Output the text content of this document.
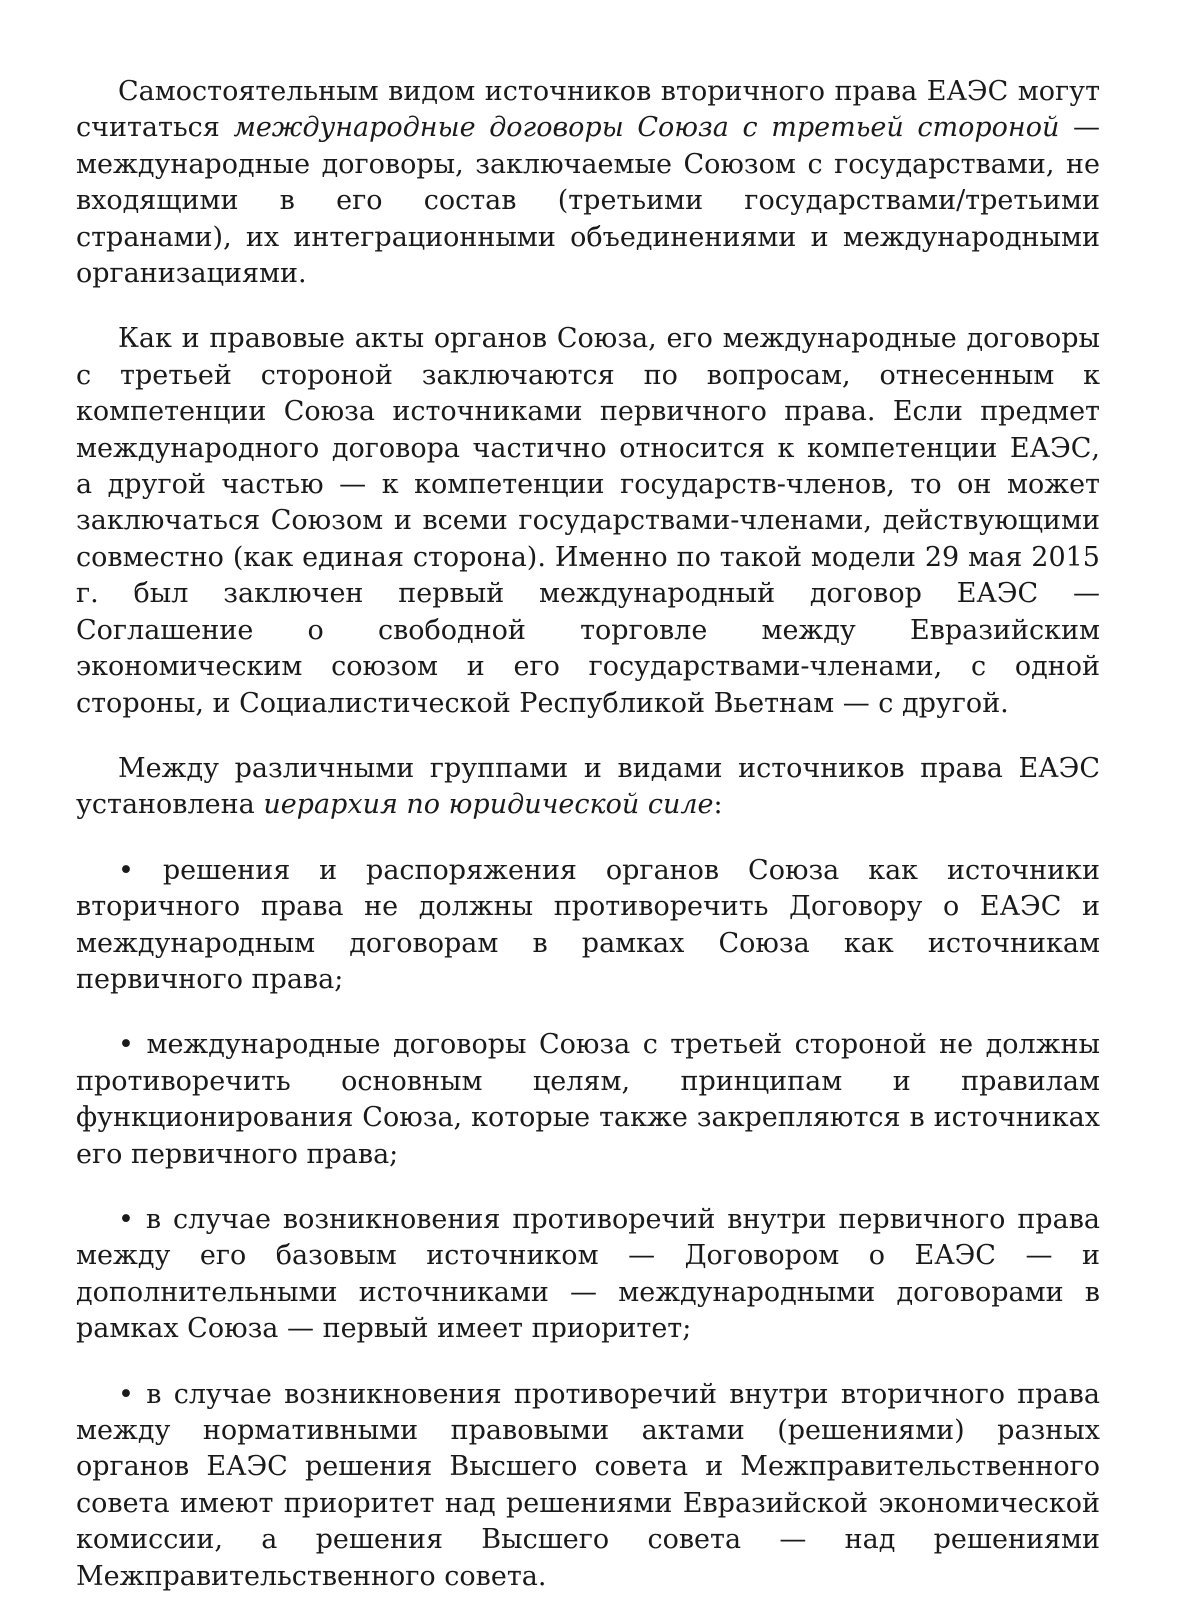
Самостоятельным видом источников вторичного права ЕАЭС могут считаться международные договоры Союза с третьей стороной — международные договоры, заключаемые Союзом с государствами, не входящими в его состав (третьими государствами/третьими странами), их интеграционными объединениями и международными организациями.

Как и правовые акты органов Союза, его международные договоры с третьей стороной заключаются по вопросам, отнесенным к компетенции Союза источниками первичного права. Если предмет международного договора частично относится к компетенции ЕАЭС, а другой частью — к компетенции государств-членов, то он может заключаться Союзом и всеми государствами-членами, действующими совместно (как единая сторона). Именно по такой модели 29 мая 2015 г. был заключен первый международный договор ЕАЭС — Соглашение о свободной торговле между Евразийским экономическим союзом и его государствами-членами, с одной стороны, и Социалистической Республикой Вьетнам — с другой.

Между различными группами и видами источников права ЕАЭС установлена иерархия по юридической силе:

• решения и распоряжения органов Союза как источники вторичного права не должны противоречить Договору о ЕАЭС и международным договорам в рамках Союза как источникам первичного права;

• международные договоры Союза с третьей стороной не должны противоречить основным целям, принципам и правилам функционирования Союза, которые также закрепляются в источниках его первичного права;

• в случае возникновения противоречий внутри первичного права между его базовым источником — Договором о ЕАЭС — и дополнительными источниками — международными договорами в рамках Союза — первый имеет приоритет;

• в случае возникновения противоречий внутри вторичного права между нормативными правовыми актами (решениями) разных органов ЕАЭС решения Высшего совета и Межправительственного совета имеют приоритет над решениями Евразийской экономической комиссии, а решения Высшего совета — над решениями Межправительственного совета.
